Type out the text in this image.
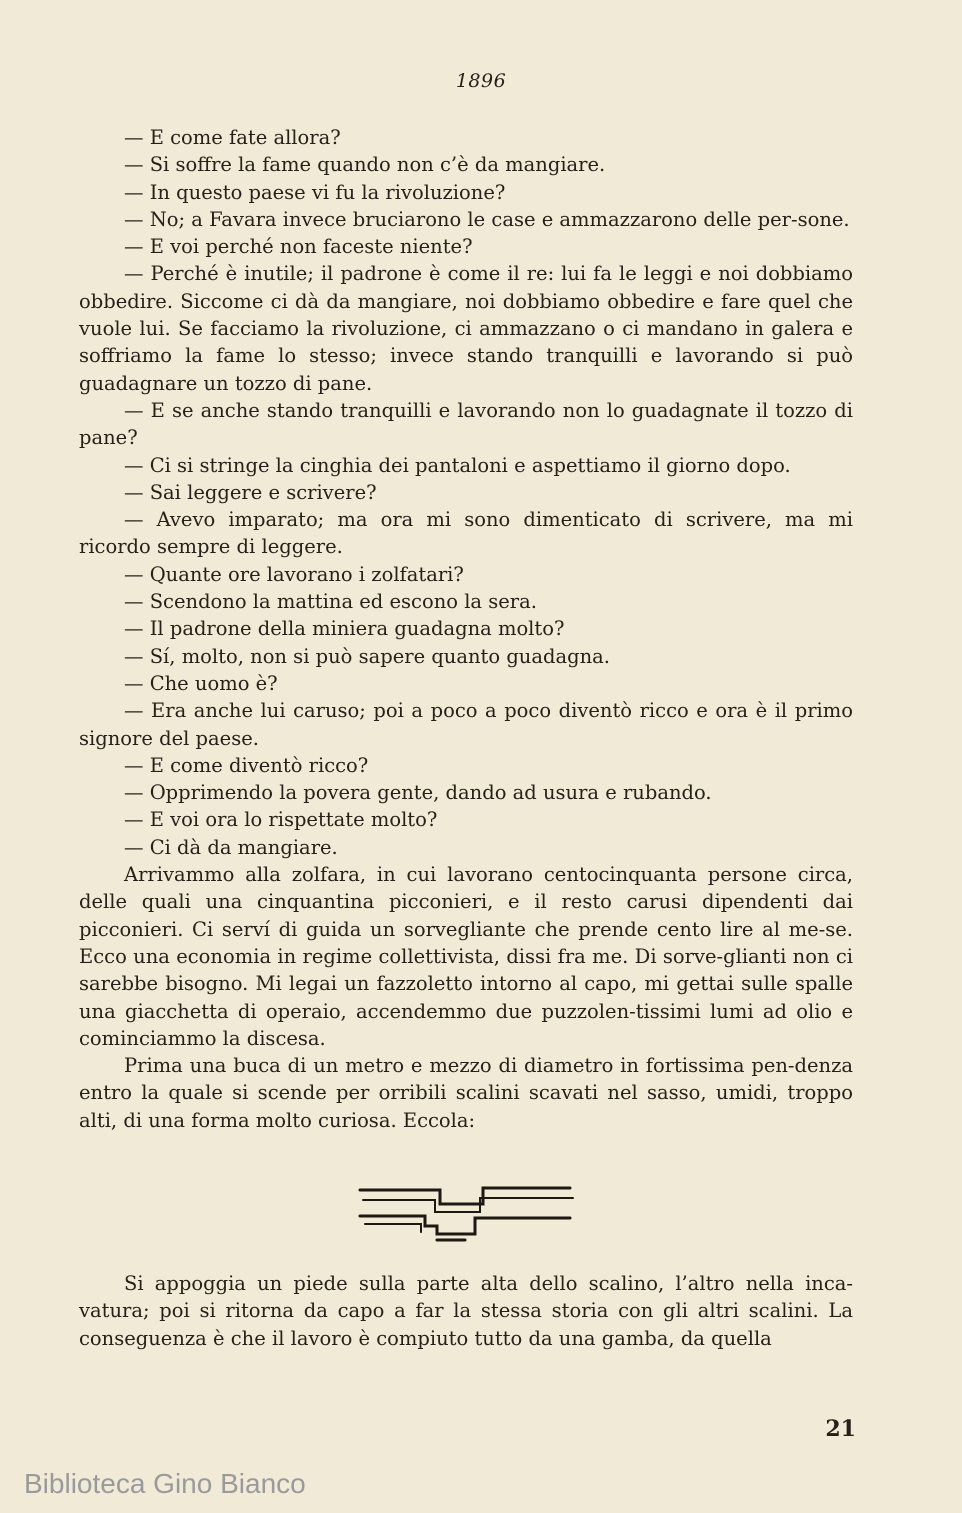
1896

— E come fate allora?

— Si soffre la fame quando non c’è da mangiare.

— In questo paese vi fu la rivoluzione?

— No; a Favara invece bruciarono le case e ammazzarono delle per-sone.

— E voi perché non faceste niente?

— Perché è inutile; il padrone è come il re: lui fa le leggi e noi dobbiamo obbedire. Siccome ci dà da mangiare, noi dobbiamo obbedire e fare quel che vuole lui. Se facciamo la rivoluzione, ci ammazzano o ci mandano in galera e soffriamo la fame lo stesso; invece stando tranquilli e lavorando si può guadagnare un tozzo di pane.

— E se anche stando tranquilli e lavorando non lo guadagnate il tozzo di pane?

— Ci si stringe la cinghia dei pantaloni e aspettiamo il giorno dopo.

— Sai leggere e scrivere?

— Avevo imparato; ma ora mi sono dimenticato di scrivere, ma mi ricordo sempre di leggere.

— Quante ore lavorano i zolfatari?

— Scendono la mattina ed escono la sera.

— Il padrone della miniera guadagna molto?

— Sí, molto, non si può sapere quanto guadagna.

— Che uomo è?

— Era anche lui caruso; poi a poco a poco diventò ricco e ora è il primo signore del paese.

— E come diventò ricco?

— Opprimendo la povera gente, dando ad usura e rubando.

— E voi ora lo rispettate molto?

— Ci dà da mangiare.

Arrivammo alla zolfara, in cui lavorano centocinquanta persone circa, delle quali una cinquantina picconieri, e il resto carusi dipendenti dai picconieri. Ci serví di guida un sorvegliante che prende cento lire al me-se. Ecco una economia in regime collettivista, dissi fra me. Di sorve-glianti non ci sarebbe bisogno. Mi legai un fazzoletto intorno al capo, mi gettai sulle spalle una giacchetta di operaio, accendemmo due puzzolen-tissimi lumi ad olio e cominciammo la discesa.

Prima una buca di un metro e mezzo di diametro in fortissima pen-denza entro la quale si scende per orribili scalini scavati nel sasso, umidi, troppo alti, di una forma molto curiosa. Eccola:

Si appoggia un piede sulla parte alta dello scalino, l’altro nella inca-vatura; poi si ritorna da capo a far la stessa storia con gli altri scalini. La conseguenza è che il lavoro è compiuto tutto da una gamba, da quella

21
Biblioteca Gino Bianco
